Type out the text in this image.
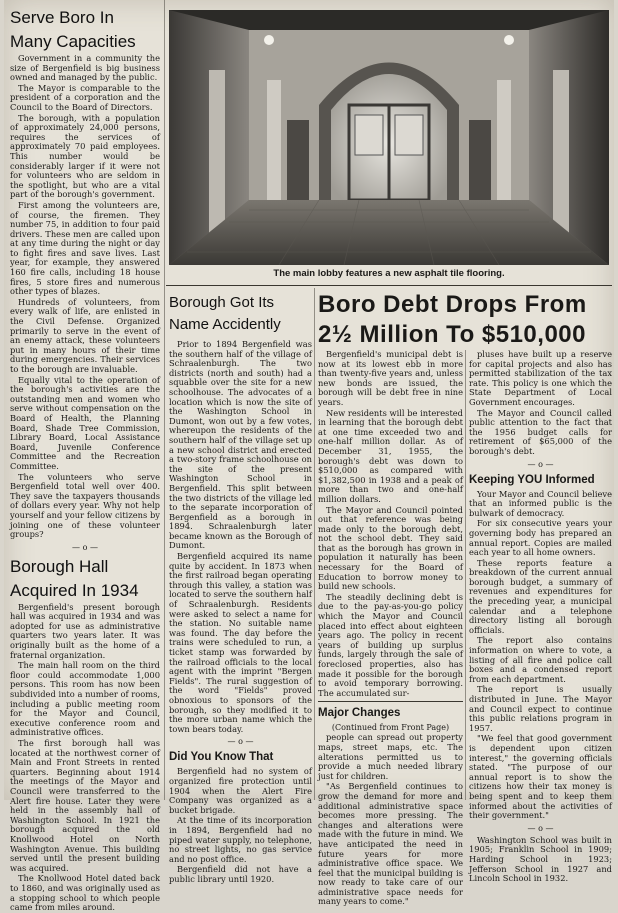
Serve Boro In Many Capacities

Government in a community the size of Bergenfield is big business owned and managed by the public.

The Mayor is comparable to the president of a corporation and the Council to the Board of Directors.

The borough, with a population of approximately 24,000 persons, requires the services of approximately 70 paid employees. This number would be considerably larger if it were not for volunteers who are seldom in the spotlight, but who are a vital part of the borough's government.

First among the volunteers are, of course, the firemen. They number 75, in addition to four paid drivers. These men are called upon at any time during the night or day to fight fires and save lives. Last year, for example, they answered 160 fire calls, including 18 house fires, 5 store fires and numerous other types of blazes.

Hundreds of volunteers, from every walk of life, are enlisted in the Civil Defense. Organized primarily to serve in the event of an enemy attack, these volunteers put in many hours of their time during emergencies. Their services to the borough are invaluable.

Equally vital to the operation of the borough's activities are the outstanding men and women who serve without compensation on the Board of Health, the Planning Board, Shade Tree Commission, Library Board, Local Assistance Board, Juvenile Conference Committee and the Recreation Committee.

The volunteers who serve Bergenfield total well over 400. They save the taxpayers thousands of dollars every year. Why not help yourself and your fellow citizens by joining one of these volunteer groups?

— o —

Borough Hall Acquired In 1934

Bergenfield's present borough hall was acquired in 1934 and was adopted for use as administrative quarters two years later. It was originally built as the home of a fraternal organization.

The main hall room on the third floor could accommodate 1,000 persons. This room has now been subdivided into a number of rooms, including a public meeting room for the Mayor and Council, executive conference room and administrative offices.

The first borough hall was located at the northwest corner of Main and Front Streets in rented quarters. Beginning about 1914 the meetings of the Mayor and Council were transferred to the Alert fire house. Later they were held in the assembly hall of Washington School. In 1921 the borough acquired the old Knollwood Hotel on North Washington Avenue. This building served until the present building was acquired.

The Knollwood Hotel dated back to 1860, and was originally used as a stopping school to which people came from miles around.

The main lobby features a new asphalt tile flooring.
Borough Got Its Name Accidently

Prior to 1894 Bergenfield was the southern half of the village of Schraalenburgh. The two districts (north and south) had a squabble over the site for a new schoolhouse. The advocates of a location which is now the site of the Washington School in Dumont, won out by a few votes, whereupon the residents of the southern half of the village set up a new school district and erected a two-story frame schoolhouse on the site of the present Washington School in Bergenfield. This split between the two districts of the village led to the separate incorporation of Bergenfield as a borough in 1894. Schraalenburgh later became known as the Borough of Dumont.

Bergenfield acquired its name quite by accident. In 1873 when the first railroad began operating through this valley, a station was located to serve the southern half of Schraalenburgh. Residents were asked to select a name for the station. No suitable name was found. The day before the trains were scheduled to run, a ticket stamp was forwarded by the railroad officials to the local agent with the imprint "Bergen Fields". The rural suggestion of the word "Fields" proved obnoxious to sponsors of the borough, so they modified it to the more urban name which the town bears today.

— o —

Did You Know That

Bergenfield had no system of organized fire protection until 1904 when the Alert Fire Company was organized as a bucket brigade.

At the time of its incorporation in 1894, Bergenfield had no piped water supply, no telephone, no street lights, no gas service and no post office.

Bergenfield did not have a public library until 1920.

Boro Debt Drops From
2½ Million To $510,000

Bergenfield's municipal debt is now at its lowest ebb in more than twenty-five years and, unless new bonds are issued, the borough will be debt free in nine years.

New residents will be interested in learning that the borough debt at one time exceeded two and one-half million dollar. As of December 31, 1955, the borough's debt was down to $510,000 as compared with $1,382,500 in 1938 and a peak of more than two and one-half million dollars.

The Mayor and Council pointed out that reference was being made only to the borough debt, not the school debt. They said that as the borough has grown in population it naturally has been necessary for the Board of Education to borrow money to build new schools.

The steadily declining debt is due to the pay-as-you-go policy which the Mayor and Council placed into effect about eighteen years ago. The policy in recent years of building up surplus funds, largely through the sale of foreclosed properties, also has made it possible for the borough to avoid temporary borrowing. The accumulated sur-

Major Changes

(Continued from Front Page)

people can spread out property maps, street maps, etc. The alterations permitted us to provide a much needed library just for children.

"As Bergenfield continues to grow the demand for more and additional administrative space becomes more pressing. The changes and alterations were made with the future in mind. We have anticipated the need in future years for more administrative office space. We feel that the municipal building is now ready to take care of our administrative space needs for many years to come."

pluses have built up a reserve for capital projects and also has permitted stabilization of the tax rate. This policy is one which the State Department of Local Government encourages.

The Mayor and Council called public attention to the fact that the 1956 budget calls for retirement of $65,000 of the borough's debt.

— o —

Keeping YOU Informed

Your Mayor and Council believe that an informed public is the bulwark of democracy.

For six consecutive years your governing body has prepared an annual report. Copies are mailed each year to all home owners.

These reports feature a breakdown of the current annual borough budget, a summary of revenues and expenditures for the preceding year, a municipal calendar and a telephone directory listing all borough officials.

The report also contains information on where to vote, a listing of all fire and police call boxes and a condensed report from each department.

The report is usually distributed in June. The Mayor and Council expect to continue this public relations program in 1957.

"We feel that good government is dependent upon citizen interest," the governing officials stated. "The purpose of our annual report is to show the citizens how their tax money is being spent and to keep them informed about the activities of their government."

— o —

Washington School was built in 1905; Franklin School in 1909; Harding School in 1923; Jefferson School in 1927 and Lincoln School in 1932.
